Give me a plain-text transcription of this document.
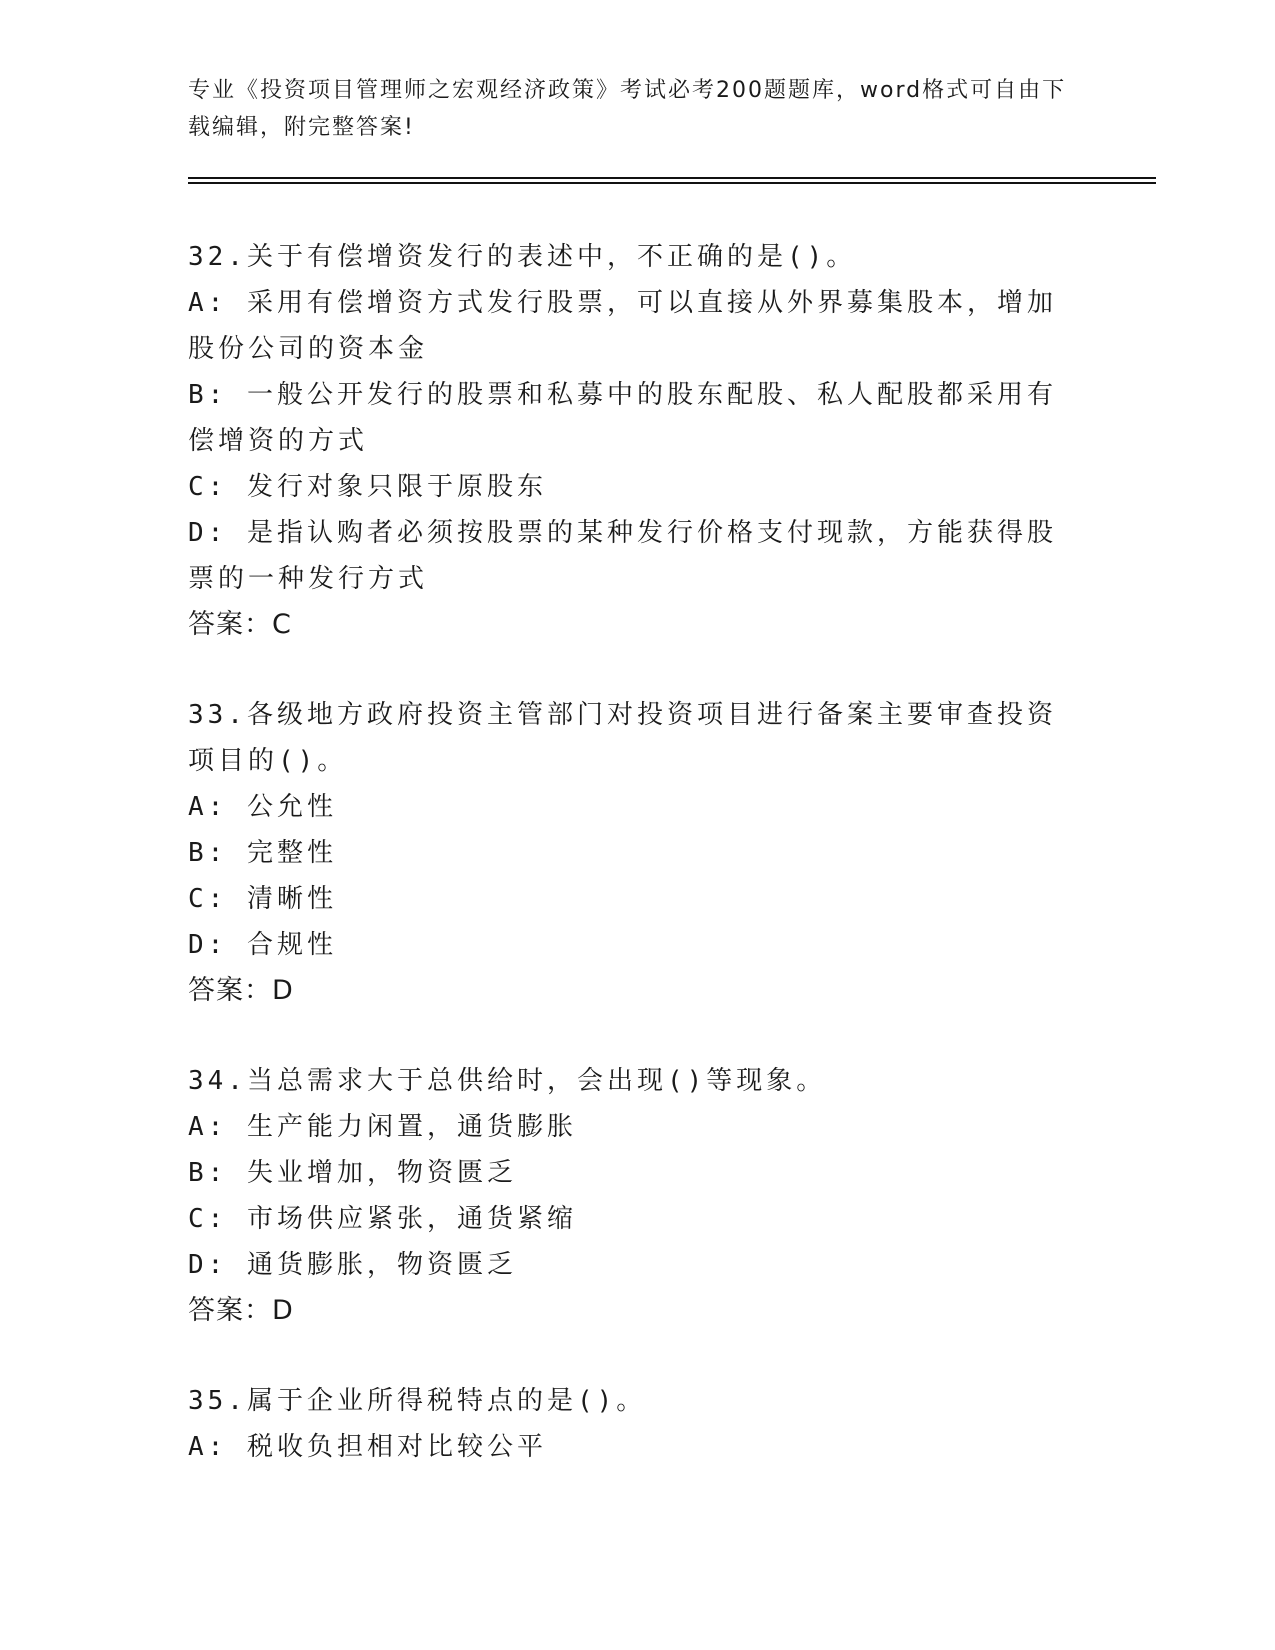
专业《投资项目管理师之宏观经济政策》考试必考200题题库，word格式可自由下载编辑，附完整答案!

32.关于有偿增资发行的表述中，不正确的是()。

A: 采用有偿增资方式发行股票，可以直接从外界募集股本，增加股份公司的资本金

B: 一般公开发行的股票和私募中的股东配股、私人配股都采用有偿增资的方式

C: 发行对象只限于原股东

D: 是指认购者必须按股票的某种发行价格支付现款，方能获得股票的一种发行方式

答案：C

33.各级地方政府投资主管部门对投资项目进行备案主要审查投资项目的()。

A: 公允性

B: 完整性

C: 清晰性

D: 合规性

答案：D

34.当总需求大于总供给时，会出现()等现象。

A: 生产能力闲置，通货膨胀

B: 失业增加，物资匮乏

C: 市场供应紧张，通货紧缩

D: 通货膨胀，物资匮乏

答案：D

35.属于企业所得税特点的是()。

A: 税收负担相对比较公平
